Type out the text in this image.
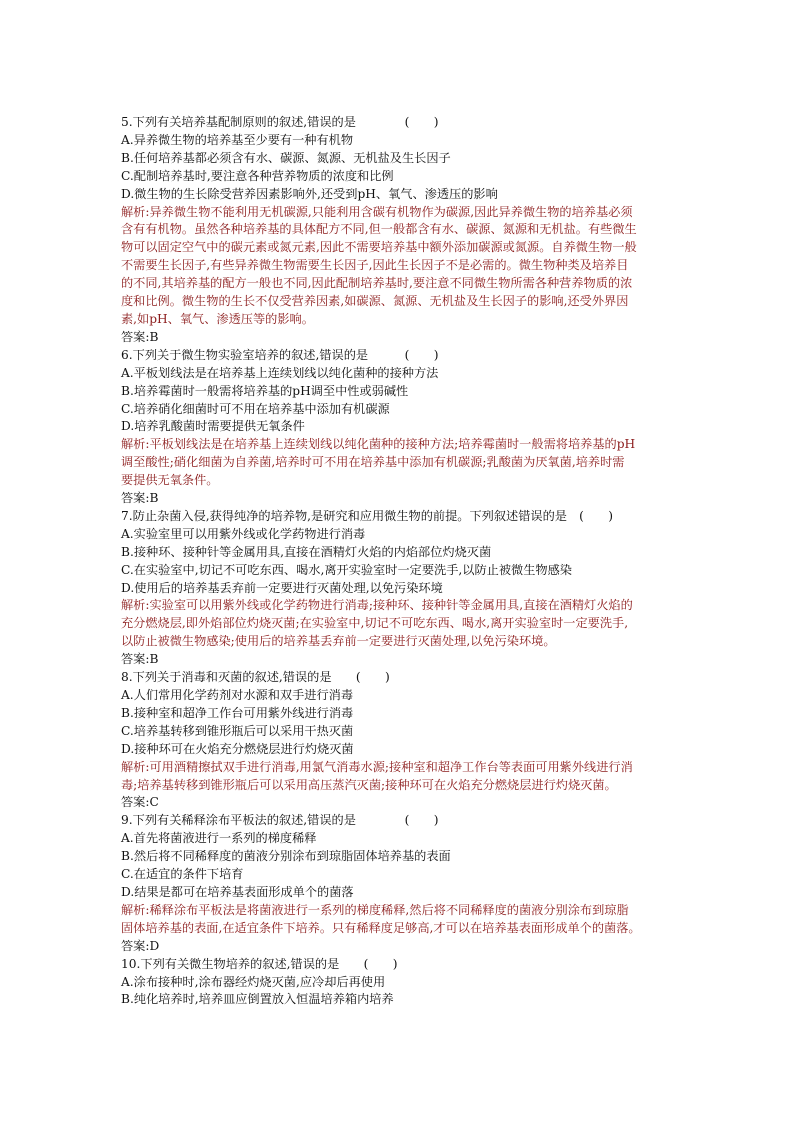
5.下列有关培养基配制原则的叙述,错误的是　　　　(　　)
A.异养微生物的培养基至少要有一种有机物
B.任何培养基都必须含有水、碳源、氮源、无机盐及生长因子
C.配制培养基时,要注意各种营养物质的浓度和比例
D.微生物的生长除受营养因素影响外,还受到pH、氧气、渗透压的影响
解析:异养微生物不能利用无机碳源,只能利用含碳有机物作为碳源,因此异养微生物的培养基必须
含有有机物。虽然各种培养基的具体配方不同,但一般都含有水、碳源、氮源和无机盐。有些微生
物可以固定空气中的碳元素或氮元素,因此不需要培养基中额外添加碳源或氮源。自养微生物一般
不需要生长因子,有些异养微生物需要生长因子,因此生长因子不是必需的。微生物种类及培养目
的不同,其培养基的配方一般也不同,因此配制培养基时,要注意不同微生物所需各种营养物质的浓
度和比例。微生物的生长不仅受营养因素,如碳源、氮源、无机盐及生长因子的影响,还受外界因
素,如pH、氧气、渗透压等的影响。
答案:B
6.下列关于微生物实验室培养的叙述,错误的是　　　(　　)
A.平板划线法是在培养基上连续划线以纯化菌种的接种方法
B.培养霉菌时一般需将培养基的pH调至中性或弱碱性
C.培养硝化细菌时可不用在培养基中添加有机碳源
D.培养乳酸菌时需要提供无氧条件
解析:平板划线法是在培养基上连续划线以纯化菌种的接种方法;培养霉菌时一般需将培养基的pH
调至酸性;硝化细菌为自养菌,培养时可不用在培养基中添加有机碳源;乳酸菌为厌氧菌,培养时需
要提供无氧条件。
答案:B
7.防止杂菌入侵,获得纯净的培养物,是研究和应用微生物的前提。下列叙述错误的是　(　　)
A.实验室里可以用紫外线或化学药物进行消毒
B.接种环、接种针等金属用具,直接在酒精灯火焰的内焰部位灼烧灭菌
C.在实验室中,切记不可吃东西、喝水,离开实验室时一定要洗手,以防止被微生物感染
D.使用后的培养基丢弃前一定要进行灭菌处理,以免污染环境
解析:实验室可以用紫外线或化学药物进行消毒;接种环、接种针等金属用具,直接在酒精灯火焰的
充分燃烧层,即外焰部位灼烧灭菌;在实验室中,切记不可吃东西、喝水,离开实验室时一定要洗手,
以防止被微生物感染;使用后的培养基丢弃前一定要进行灭菌处理,以免污染环境。
答案:B
8.下列关于消毒和灭菌的叙述,错误的是　　(　　)
A.人们常用化学药剂对水源和双手进行消毒
B.接种室和超净工作台可用紫外线进行消毒
C.培养基转移到锥形瓶后可以采用干热灭菌
D.接种环可在火焰充分燃烧层进行灼烧灭菌
解析:可用酒精擦拭双手进行消毒,用氯气消毒水源;接种室和超净工作台等表面可用紫外线进行消
毒;培养基转移到锥形瓶后可以采用高压蒸汽灭菌;接种环可在火焰充分燃烧层进行灼烧灭菌。
答案:C
9.下列有关稀释涂布平板法的叙述,错误的是　　　　(　　)
A.首先将菌液进行一系列的梯度稀释
B.然后将不同稀释度的菌液分别涂布到琼脂固体培养基的表面
C.在适宜的条件下培育
D.结果是都可在培养基表面形成单个的菌落
解析:稀释涂布平板法是将菌液进行一系列的梯度稀释,然后将不同稀释度的菌液分别涂布到琼脂
固体培养基的表面,在适宜条件下培养。只有稀释度足够高,才可以在培养基表面形成单个的菌落。
答案:D
10.下列有关微生物培养的叙述,错误的是　　(　　)
A.涂布接种时,涂布器经灼烧灭菌,应冷却后再使用
B.纯化培养时,培养皿应倒置放入恒温培养箱内培养
